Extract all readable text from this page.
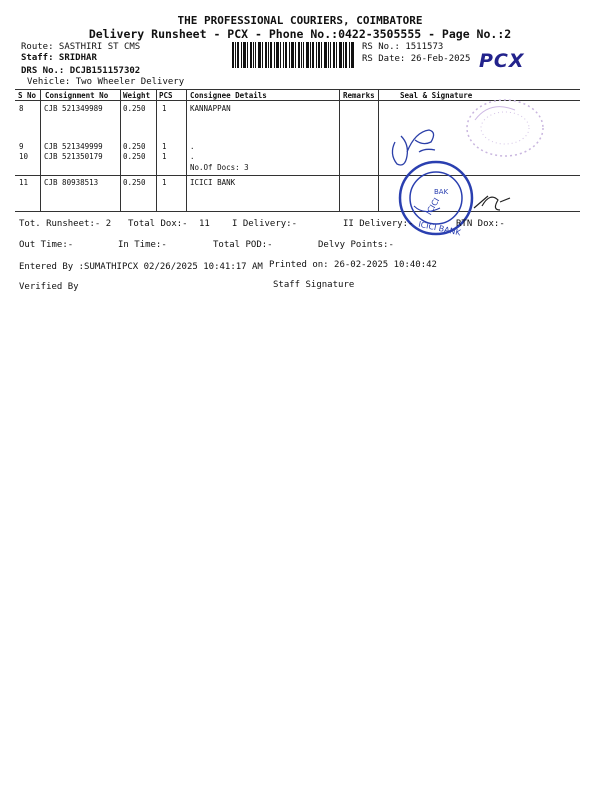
THE PROFESSIONAL COURIERS, COIMBATORE
Delivery Runsheet - PCX - Phone No.:0422-3505555 - Page No.:2
Route: SASTHIRI ST CMS
Staff: SRIDHAR
DRS No.: DCJB151157302
Vehicle: Two Wheeler Delivery
RS No.: 1511573
RS Date: 26-Feb-2025 PCX
S No Consignment No Weight PCS Consignee Details	Remarks	Seal & Signature
8	CJB 521349989	0.250 1	KANNAPPAN
9	CJB 521349999	0.250 1	.
10 CJB 521350179	0.250 1	.
No.Of Docs: 3
11 CJB 80938513	0.250 1	ICICI BANK
ICICI
BAK
ICICI BANK
Tot. Runsheet:- 2 Total Dox:- 11 I Delivery:-	II Delivery:-	RTN Dox:-
Out Time:-	In Time:-	Total POD:-	Delvy Points:-
Entered By :SUMATHIPCX 02/26/2025 10:41:17 AM Printed on: 26-02-2025 10:40:42
Verified By	Staff Signature
